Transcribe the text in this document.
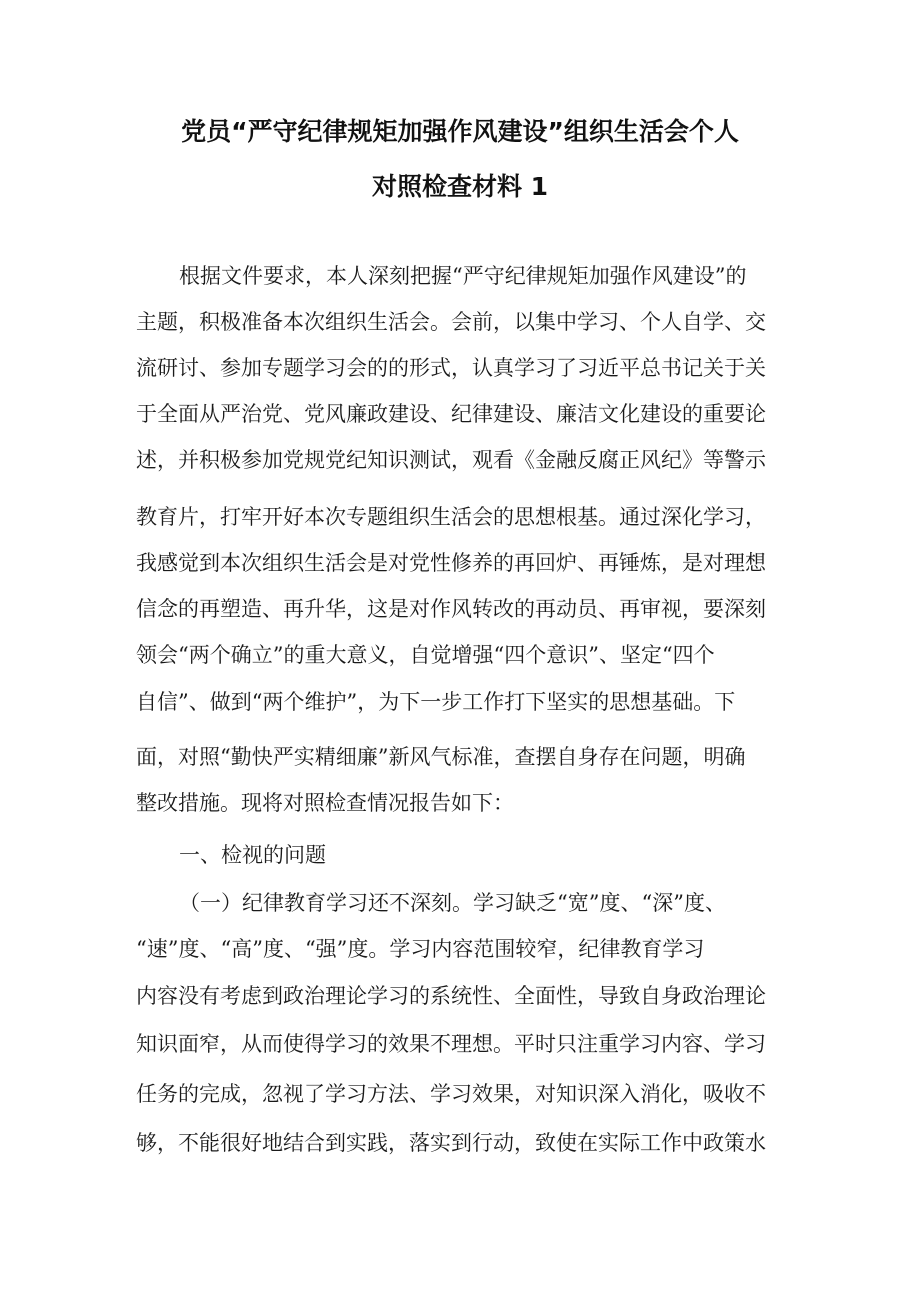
党员“严守纪律规矩加强作风建设”组织生活会个人
对照检查材料 1
根据文件要求，本人深刻把握“严守纪律规矩加强作风建设”的
主题，积极准备本次组织生活会。会前，以集中学习、个人自学、交
流研讨、参加专题学习会的的形式，认真学习了习近平总书记关于关
于全面从严治党、党风廉政建设、纪律建设、廉洁文化建设的重要论
述，并积极参加党规党纪知识测试，观看《金融反腐正风纪》等警示
教育片，打牢开好本次专题组织生活会的思想根基。通过深化学习，
我感觉到本次组织生活会是对党性修养的再回炉、再锤炼，是对理想
信念的再塑造、再升华，这是对作风转改的再动员、再审视，要深刻
领会“两个确立”的重大意义，自觉增强“四个意识”、坚定“四个
自信”、做到“两个维护”，为下一步工作打下坚实的思想基础。下
面，对照“勤快严实精细廉”新风气标准，查摆自身存在问题，明确
整改措施。现将对照检查情况报告如下：
一、检视的问题
（一）纪律教育学习还不深刻。学习缺乏“宽”度、“深”度、
“速”度、“高”度、“强”度。学习内容范围较窄，纪律教育学习
内容没有考虑到政治理论学习的系统性、全面性，导致自身政治理论
知识面窄，从而使得学习的效果不理想。平时只注重学习内容、学习
任务的完成，忽视了学习方法、学习效果，对知识深入消化，吸收不
够，不能很好地结合到实践，落实到行动，致使在实际工作中政策水
